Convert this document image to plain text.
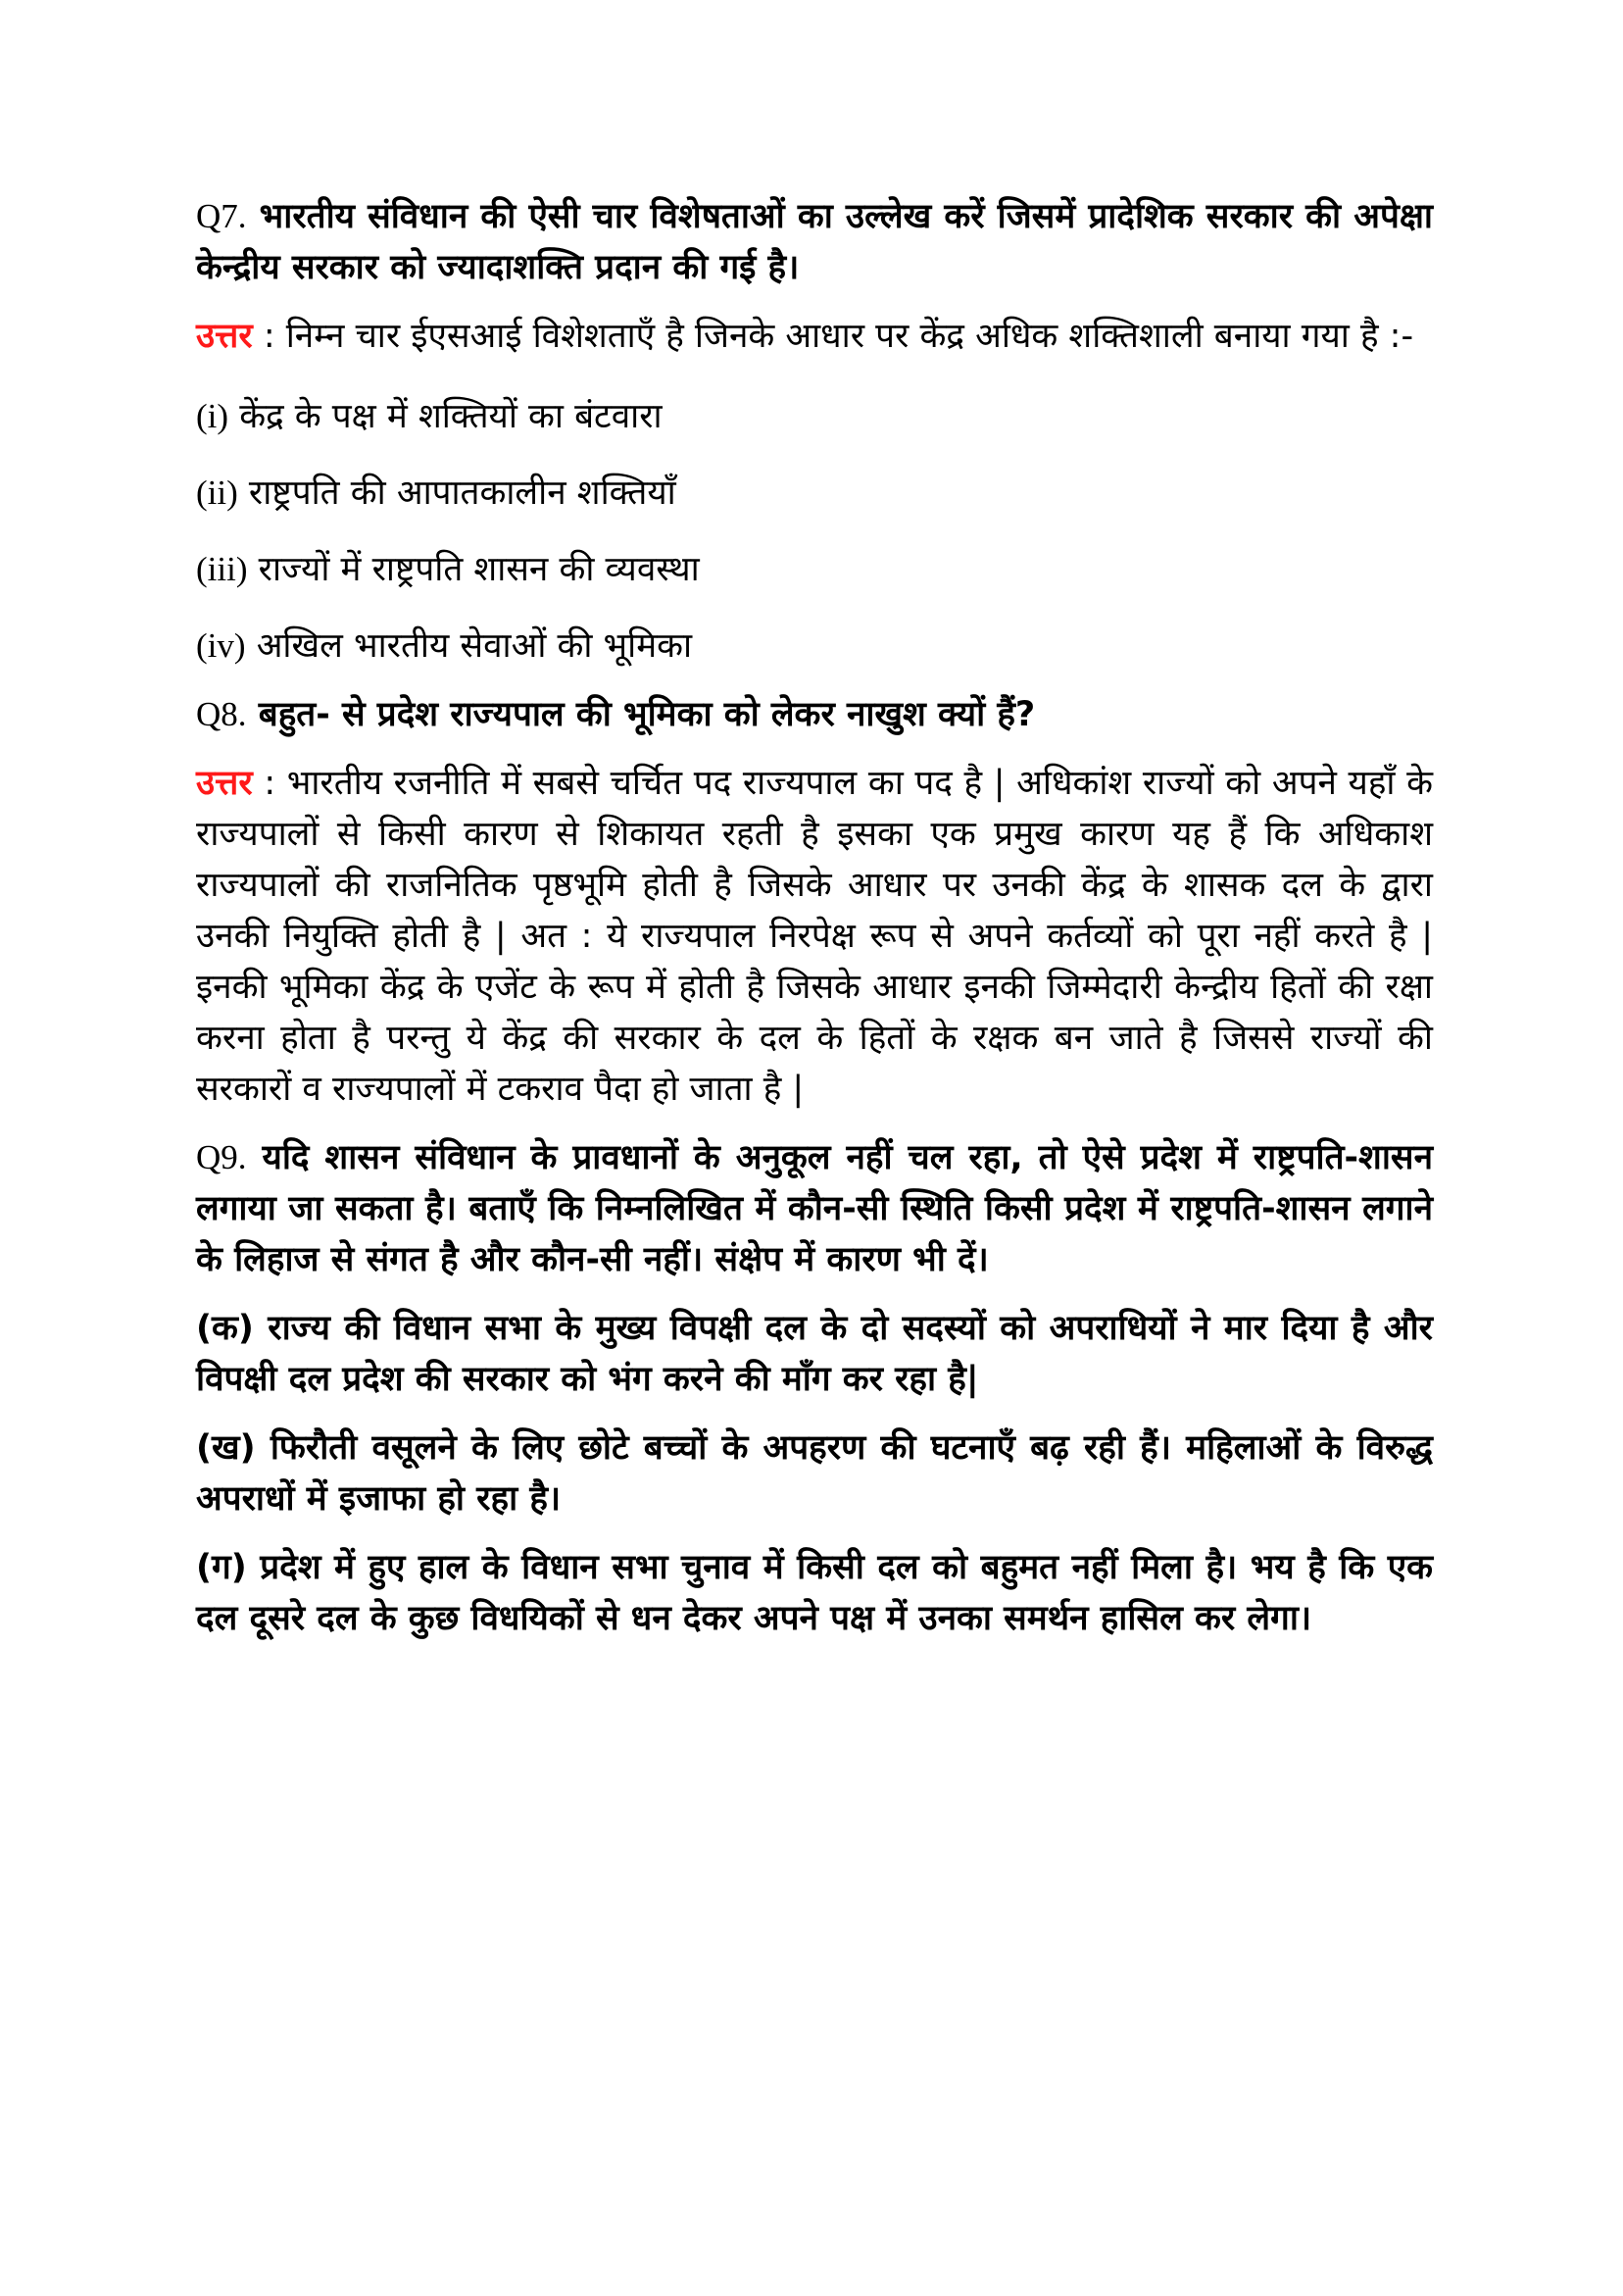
Q7. भारतीय संविधान की ऐसी चार विशेषताओं का उल्लेख करें जिसमें प्रादेशिक सरकार की अपेक्षा केन्द्रीय सरकार को ज्यादाशक्ति प्रदान की गई है।

उत्तर : निम्न चार ईएसआई विशेशताएँ है जिनके आधार पर केंद्र अधिक शक्तिशाली बनाया गया है :-

(i) केंद्र के पक्ष में शक्तियों का बंटवारा
(ii) राष्ट्रपति की आपातकालीन शक्तियाँ
(iii) राज्यों में राष्ट्रपति शासन की व्यवस्था
(iv) अखिल भारतीय सेवाओं की भूमिका

Q8. बहुत- से प्रदेश राज्यपाल की भूमिका को लेकर नाखुश क्यों हैं?

उत्तर : भारतीय रजनीति में सबसे चर्चित पद राज्यपाल का पद है | अधिकांश राज्यों को अपने यहाँ के राज्यपालों से किसी कारण से शिकायत रहती है इसका एक प्रमुख कारण यह हैं कि अधिकाश राज्यपालों की राजनितिक पृष्ठभूमि होती है जिसके आधार पर उनकी केंद्र के शासक दल के द्वारा उनकी नियुक्ति होती है | अत : ये राज्यपाल निरपेक्ष रूप से अपने कर्तव्यों को पूरा नहीं करते है | इनकी भूमिका केंद्र के एजेंट के रूप में होती है जिसके आधार इनकी जिम्मेदारी केन्द्रीय हितों की रक्षा करना होता है परन्तु ये केंद्र की सरकार के दल के हितों के रक्षक बन जाते है जिससे राज्यों की सरकारों व राज्यपालों में टकराव पैदा हो जाता है |

Q9. यदि शासन संविधान के प्रावधानों के अनुकूल नहीं चल रहा, तो ऐसे प्रदेश में राष्ट्रपति-शासन लगाया जा सकता है। बताएँ कि निम्नलिखित में कौन-सी स्थिति किसी प्रदेश में राष्ट्रपति-शासन लगाने के लिहाज से संगत है और कौन-सी नहीं। संक्षेप में कारण भी दें।

(क) राज्य की विधान सभा के मुख्य विपक्षी दल के दो सदस्यों को अपराधियों ने मार दिया है और विपक्षी दल प्रदेश की सरकार को भंग करने की माँग कर रहा है|

(ख) फिरौती वसूलने के लिए छोटे बच्चों के अपहरण की घटनाएँ बढ़ रही हैं। महिलाओं के विरुद्ध अपराधों में इजाफा हो रहा है।

(ग) प्रदेश में हुए हाल के विधान सभा चुनाव में किसी दल को बहुमत नहीं मिला है। भय है कि एक दल दूसरे दल के कुछ विधयिकों से धन देकर अपने पक्ष में उनका समर्थन हासिल कर लेगा।
